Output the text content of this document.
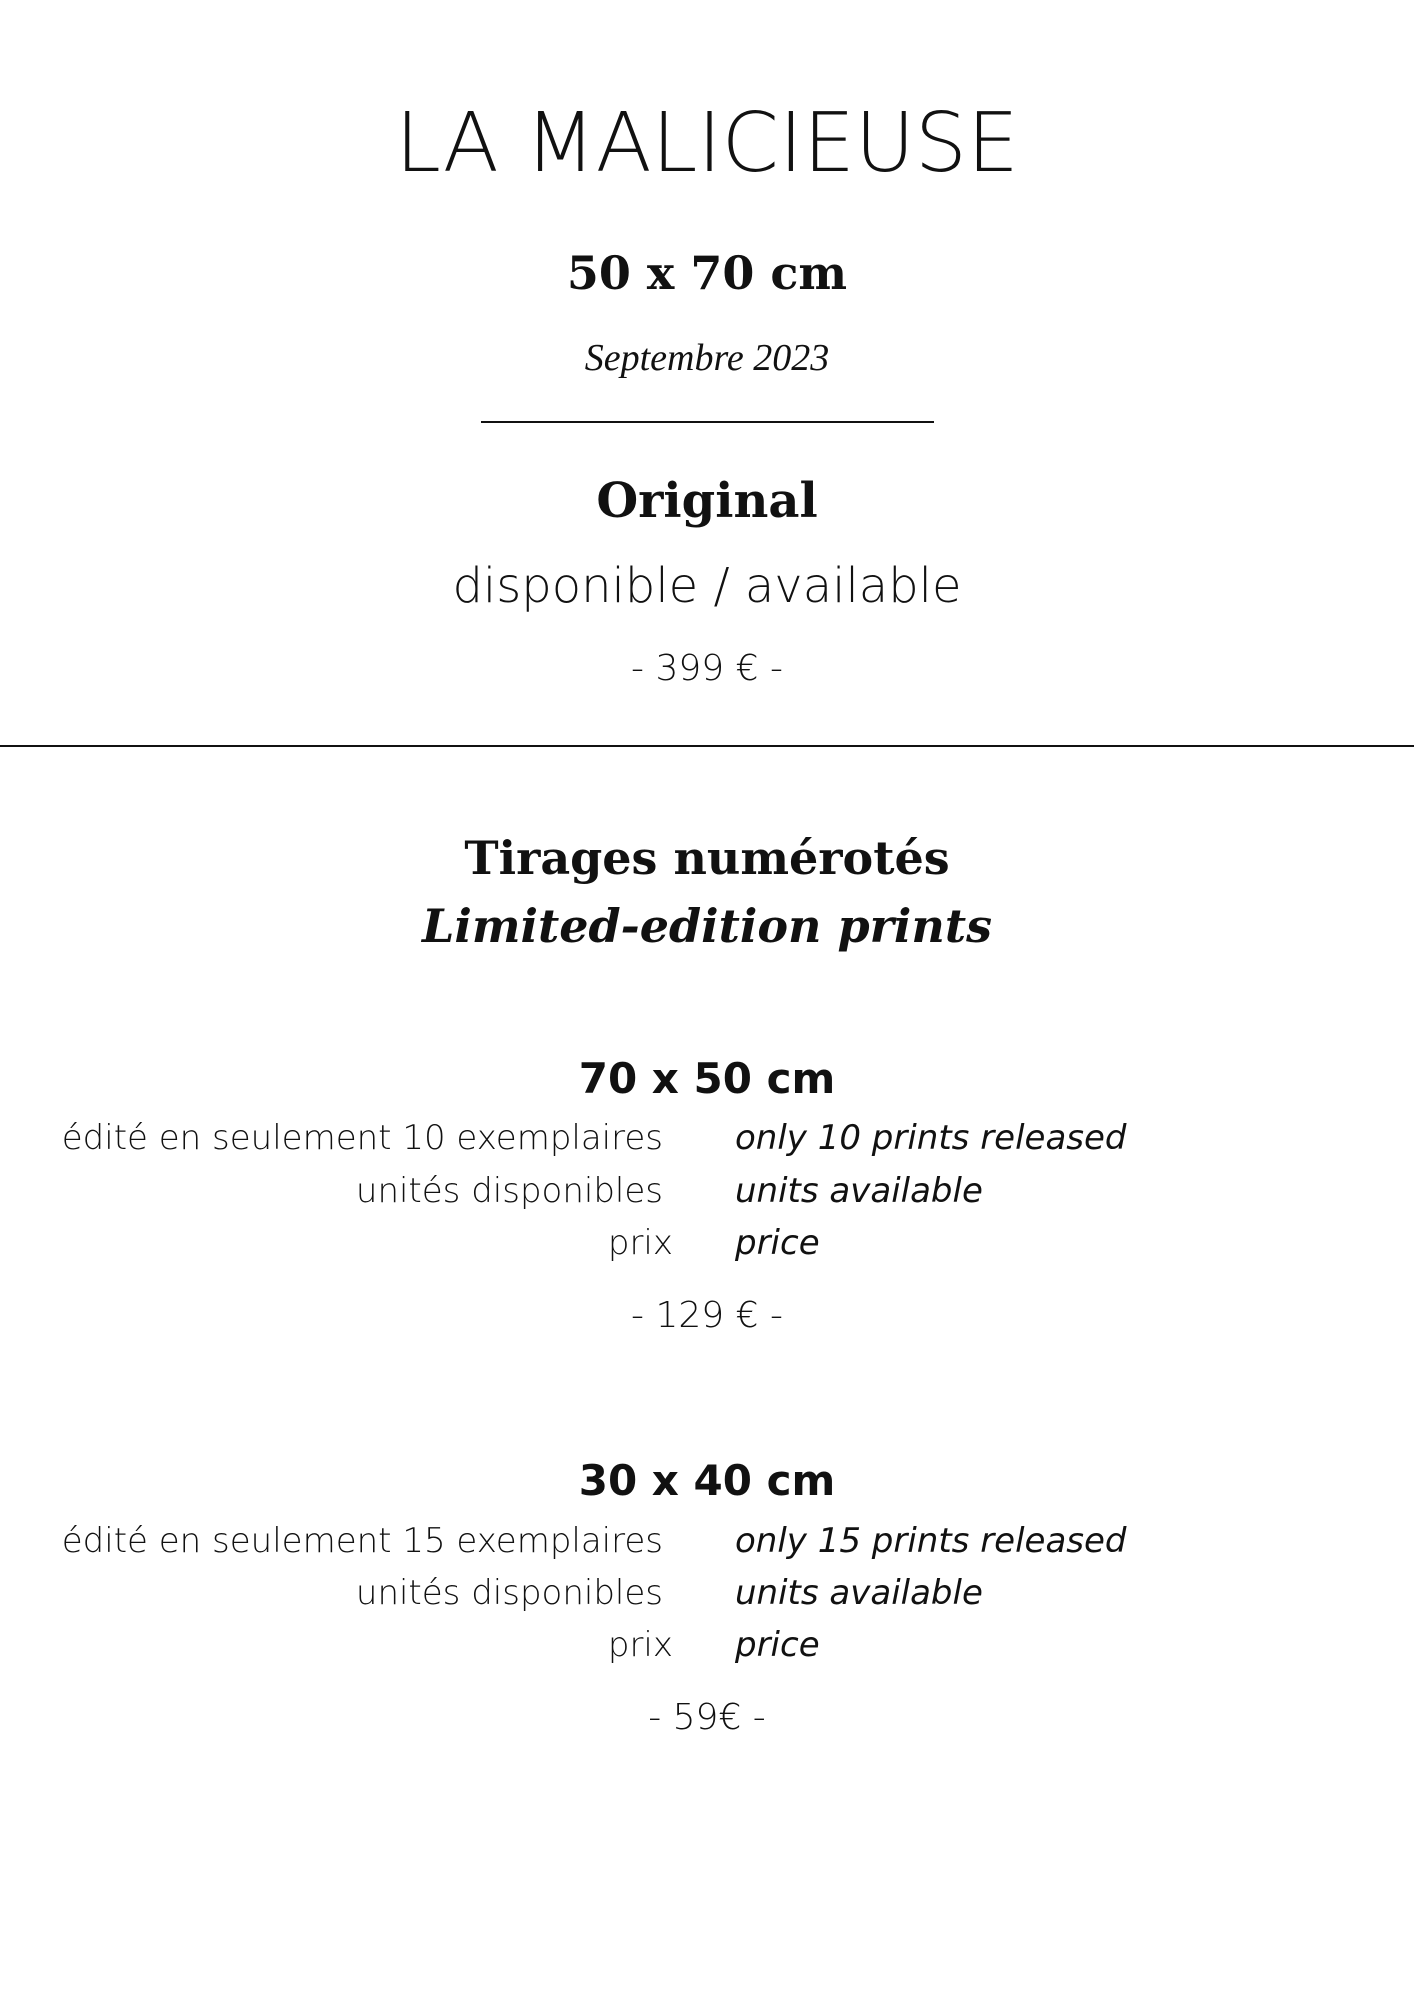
LA MALICIEUSE
50 x 70 cm
Septembre 2023
Original
disponible / available
- 399 € -
Tirages numérotés
Limited-edition prints
70 x 50 cm
édité en seulement 10 exemplaires only 10 prints released
unités disponibles units available
prix price
- 129 € -
30 x 40 cm
édité en seulement 15 exemplaires only 15 prints released
unités disponibles units available
prix price
- 59€ -
